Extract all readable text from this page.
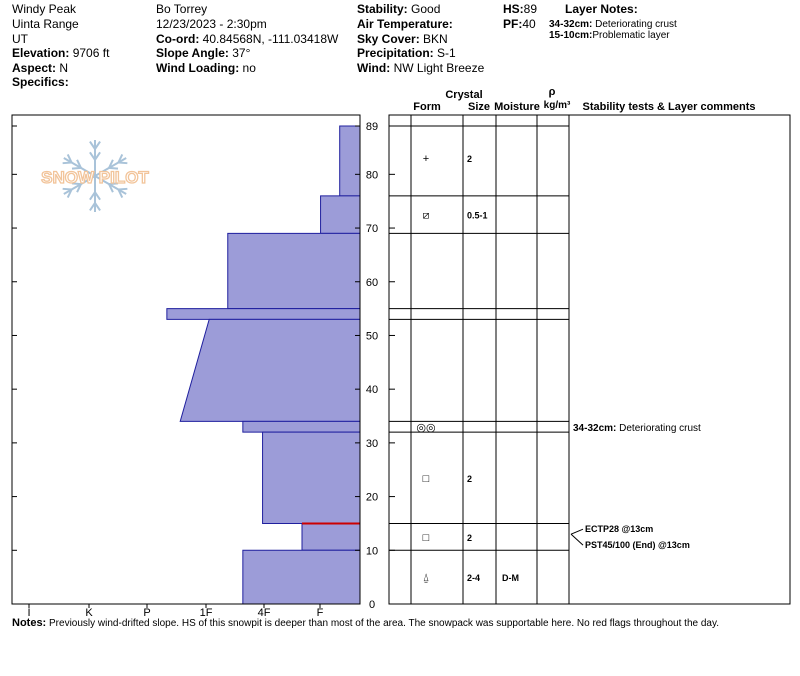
Windy Peak
Uinta Range
UT
Elevation: 9706 ft
Aspect: N
Specifics:
Bo Torrey
12/23/2023 - 2:30pm
Co-ord: 40.84568N, -111.03418W
Slope Angle: 37°
Wind Loading: no
Stability: Good
Air Temperature:
Sky Cover: BKN
Precipitation: S-1
Wind: NW Light Breeze
HS:89
PF:40
Layer Notes:
34-32cm: Deteriorating crust
15-10cm:Problematic layer
SNOW PILOT
I	K	P	1F	4F	F
0
10
20
30
40
50
60
70
80
89
+	2
⧄	0.5-1
◎◎
□	2
□	2
⍙	2-4 D-M
34-32cm: Deteriorating crust
ECTP28 @13cm
PST45/100 (End) @13cm
Crystal
Form Size Moisture
ρ
kg/m³ Stability tests & Layer comments
Notes: Previously wind-drifted slope. HS of this snowpit is deeper than most of the area. The snowpack was supportable here. No red flags throughout the day.
